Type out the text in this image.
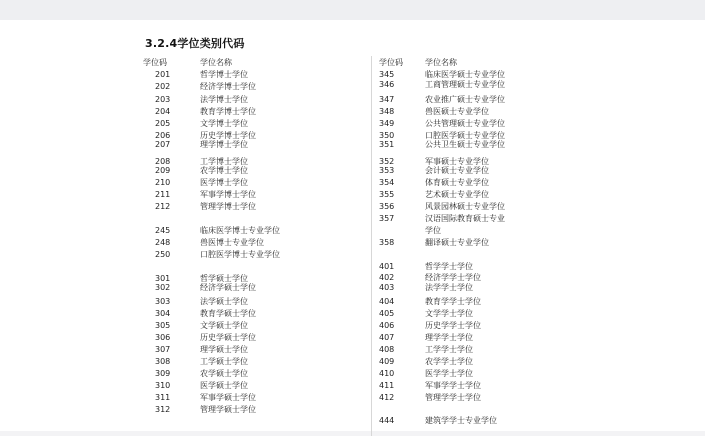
3.2.4学位类别代码
学位码	学位名称	学位码	学位名称
201	哲学博士学位
202	经济学博士学位
203	法学博士学位
204	教育学博士学位
205	文学博士学位
206	历史学博士学位
207	理学博士学位
208	工学博士学位
209	农学博士学位
210	医学博士学位
211	军事学博士学位
212	管理学博士学位
245	临床医学博士专业学位
248	兽医博士专业学位
250	口腔医学博士专业学位
301	哲学硕士学位
302	经济学硕士学位
303	法学硕士学位
304	教育学硕士学位
305	文学硕士学位
306	历史学硕士学位
307	理学硕士学位
308	工学硕士学位
309	农学硕士学位
310	医学硕士学位
311	军事学硕士学位
312	管理学硕士学位
345	临床医学硕士专业学位
346	工商管理硕士专业学位
347	农业推广硕士专业学位
348	兽医硕士专业学位
349	公共管理硕士专业学位
350	口腔医学硕士专业学位
351	公共卫生硕士专业学位
352	军事硕士专业学位
353	会计硕士专业学位
354	体育硕士专业学位
355	艺术硕士专业学位
356	风景园林硕士专业学位
357	汉语国际教育硕士专业
学位
358	翻译硕士专业学位
401	哲学学士学位
402	经济学学士学位
403	法学学士学位
404	教育学学士学位
405	文学学士学位
406	历史学学士学位
407	理学学士学位
408	工学学士学位
409	农学学士学位
410	医学学士学位
411	军事学学士学位
412	管理学学士学位
444	建筑学学士专业学位
